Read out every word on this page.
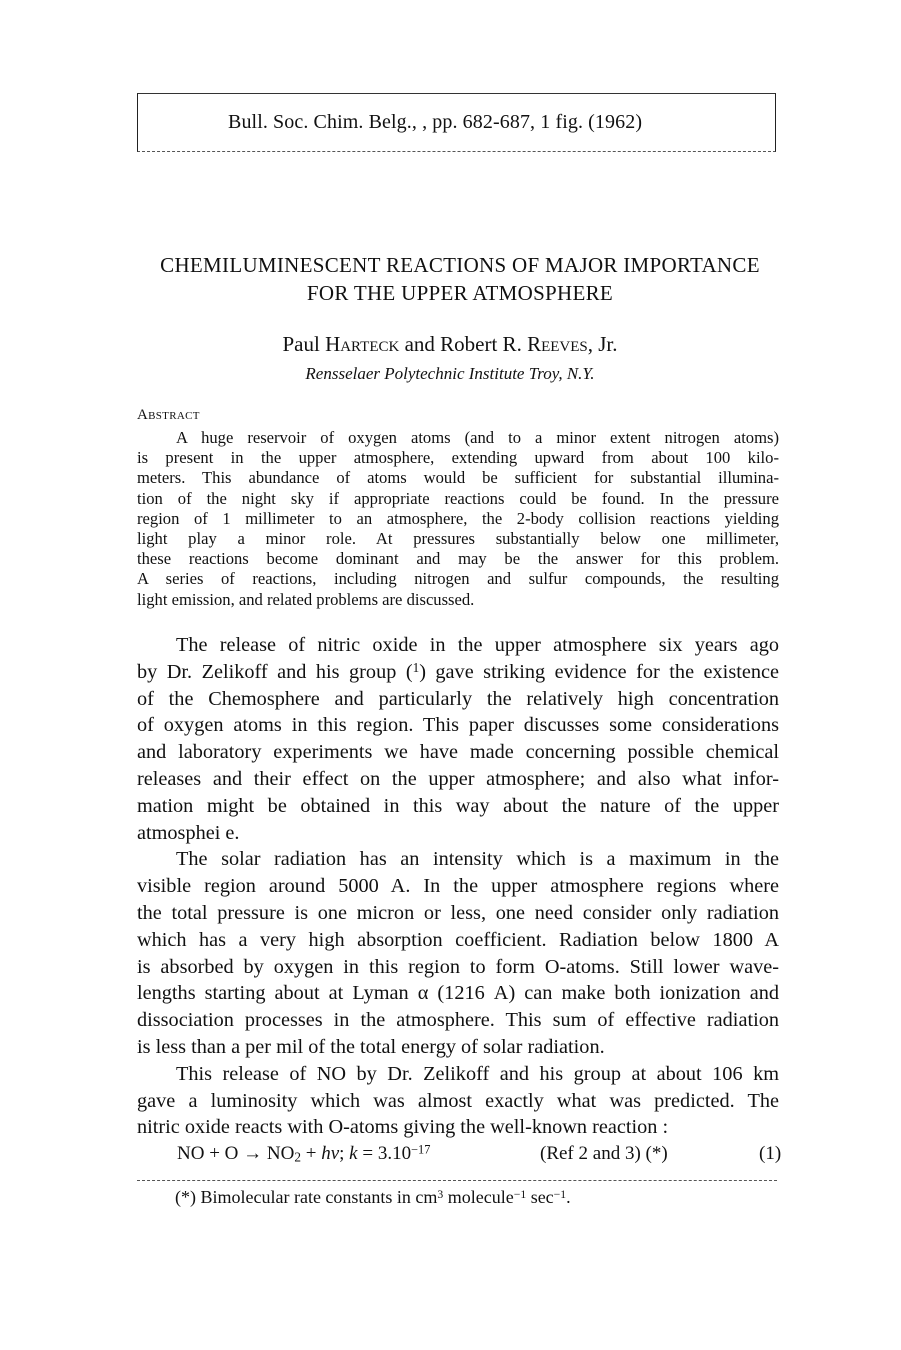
Bull. Soc. Chim. Belg., , pp. 682-687, 1 fig. (1962)
CHEMILUMINESCENT REACTIONS OF MAJOR IMPORTANCE
FOR THE UPPER ATMOSPHERE
Paul Harteck and Robert R. Reeves, Jr.
Rensselaer Polytechnic Institute Troy, N.Y.
Abstract
A huge reservoir of oxygen atoms (and to a minor extent nitrogen atoms)
is present in the upper atmosphere, extending upward from about 100 kilo-
meters. This abundance of atoms would be sufficient for substantial illumina-
tion of the night sky if appropriate reactions could be found. In the pressure
region of 1 millimeter to an atmosphere, the 2-body collision reactions yielding
light play a minor role. At pressures substantially below one millimeter,
these reactions become dominant and may be the answer for this problem.
A series of reactions, including nitrogen and sulfur compounds, the resulting
light emission, and related problems are discussed.
The release of nitric oxide in the upper atmosphere six years ago
by Dr. Zelikoff and his group ($^1$) gave striking evidence for the existence
of the Chemosphere and particularly the relatively high concentration
of oxygen atoms in this region. This paper discusses some considerations
and laboratory experiments we have made concerning possible chemical
releases and their effect on the upper atmosphere; and also what infor-
mation might be obtained in this way about the nature of the upper
atmosphei e.
The solar radiation has an intensity which is a maximum in the
visible region around 5000 A. In the upper atmosphere regions where
the total pressure is one micron or less, one need consider only radiation
which has a very high absorption coefficient. Radiation below 1800 A
is absorbed by oxygen in this region to form O-atoms. Still lower wave-
lengths starting about at Lyman α (1216 A) can make both ionization and
dissociation processes in the atmosphere. This sum of effective radiation
is less than a per mil of the total energy of solar radiation.
This release of NO by Dr. Zelikoff and his group at about 106 km
gave a luminosity which was almost exactly what was predicted. The
nitric oxide reacts with O-atoms giving the well-known reaction :
NO + $O \to NO_2 + h\nu$; $k = 3.10^{-17}$	(Ref 2 and 3) (*)	(1)
(*) Bimolecular rate constants in $cm^3$ molecule$^{-1}$ $\sec^{-1}$.
